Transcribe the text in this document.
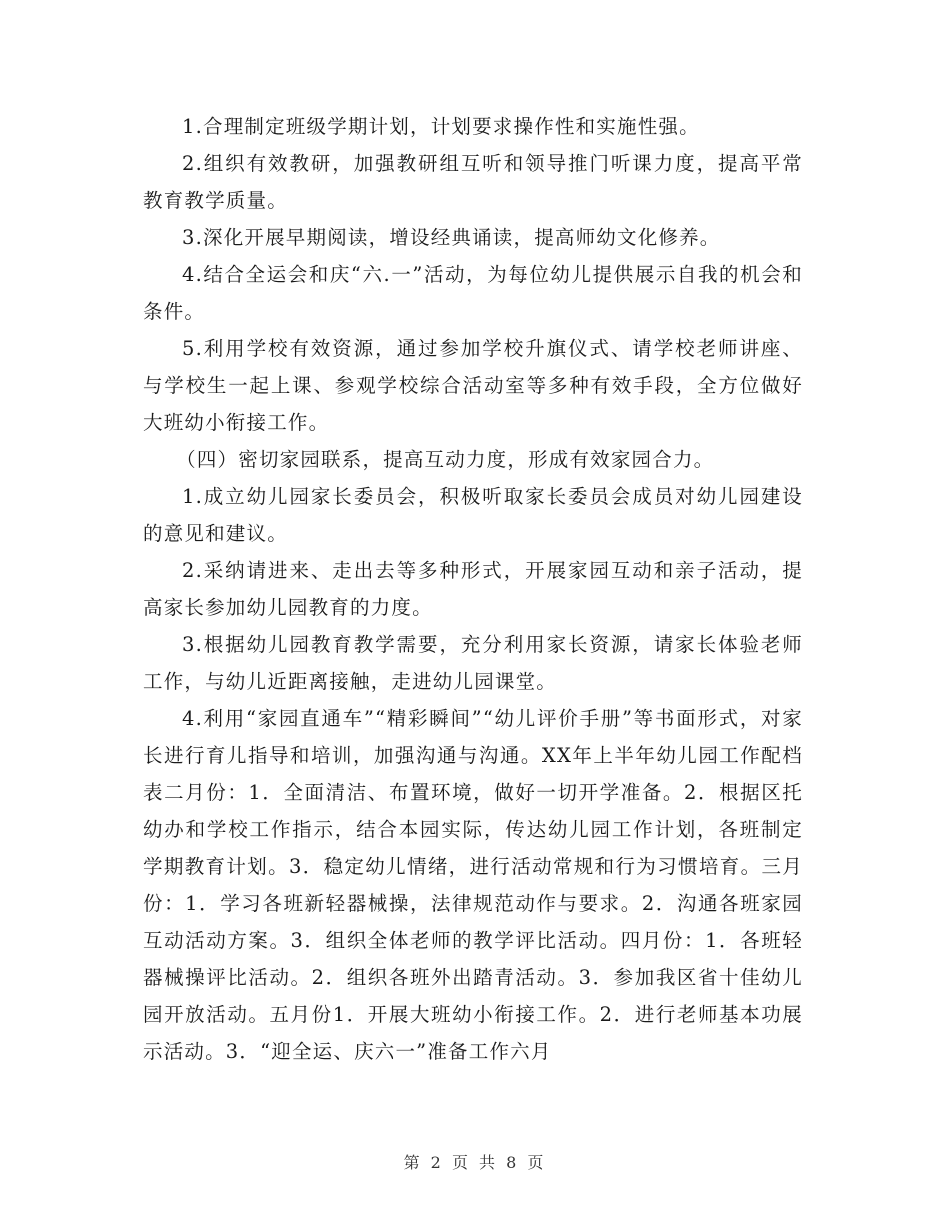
1.合理制定班级学期计划，计划要求操作性和实施性强。

2.组织有效教研，加强教研组互听和领导推门听课力度，提高平常教育教学质量。

3.深化开展早期阅读，增设经典诵读，提高师幼文化修养。

4.结合全运会和庆“六.一”活动，为每位幼儿提供展示自我的机会和条件。

5.利用学校有效资源，通过参加学校升旗仪式、请学校老师讲座、与学校生一起上课、参观学校综合活动室等多种有效手段，全方位做好大班幼小衔接工作。

（四）密切家园联系，提高互动力度，形成有效家园合力。

1.成立幼儿园家长委员会，积极听取家长委员会成员对幼儿园建设的意见和建议。

2.采纳请进来、走出去等多种形式，开展家园互动和亲子活动，提高家长参加幼儿园教育的力度。

3.根据幼儿园教育教学需要，充分利用家长资源，请家长体验老师工作，与幼儿近距离接触，走进幼儿园课堂。

4.利用“家园直通车”“精彩瞬间”“幼儿评价手册”等书面形式，对家长进行育儿指导和培训，加强沟通与沟通。XX年上半年幼儿园工作配档表二月份：1．全面清洁、布置环境，做好一切开学准备。2．根据区托幼办和学校工作指示，结合本园实际，传达幼儿园工作计划，各班制定学期教育计划。3．稳定幼儿情绪，进行活动常规和行为习惯培育。三月份：1．学习各班新轻器械操，法律规范动作与要求。2．沟通各班家园互动活动方案。3．组织全体老师的教学评比活动。四月份：1．各班轻器械操评比活动。2．组织各班外出踏青活动。3．参加我区省十佳幼儿园开放活动。五月份1．开展大班幼小衔接工作。2．进行老师基本功展示活动。3．“迎全运、庆六一”准备工作六月

第 2 页 共 8 页
